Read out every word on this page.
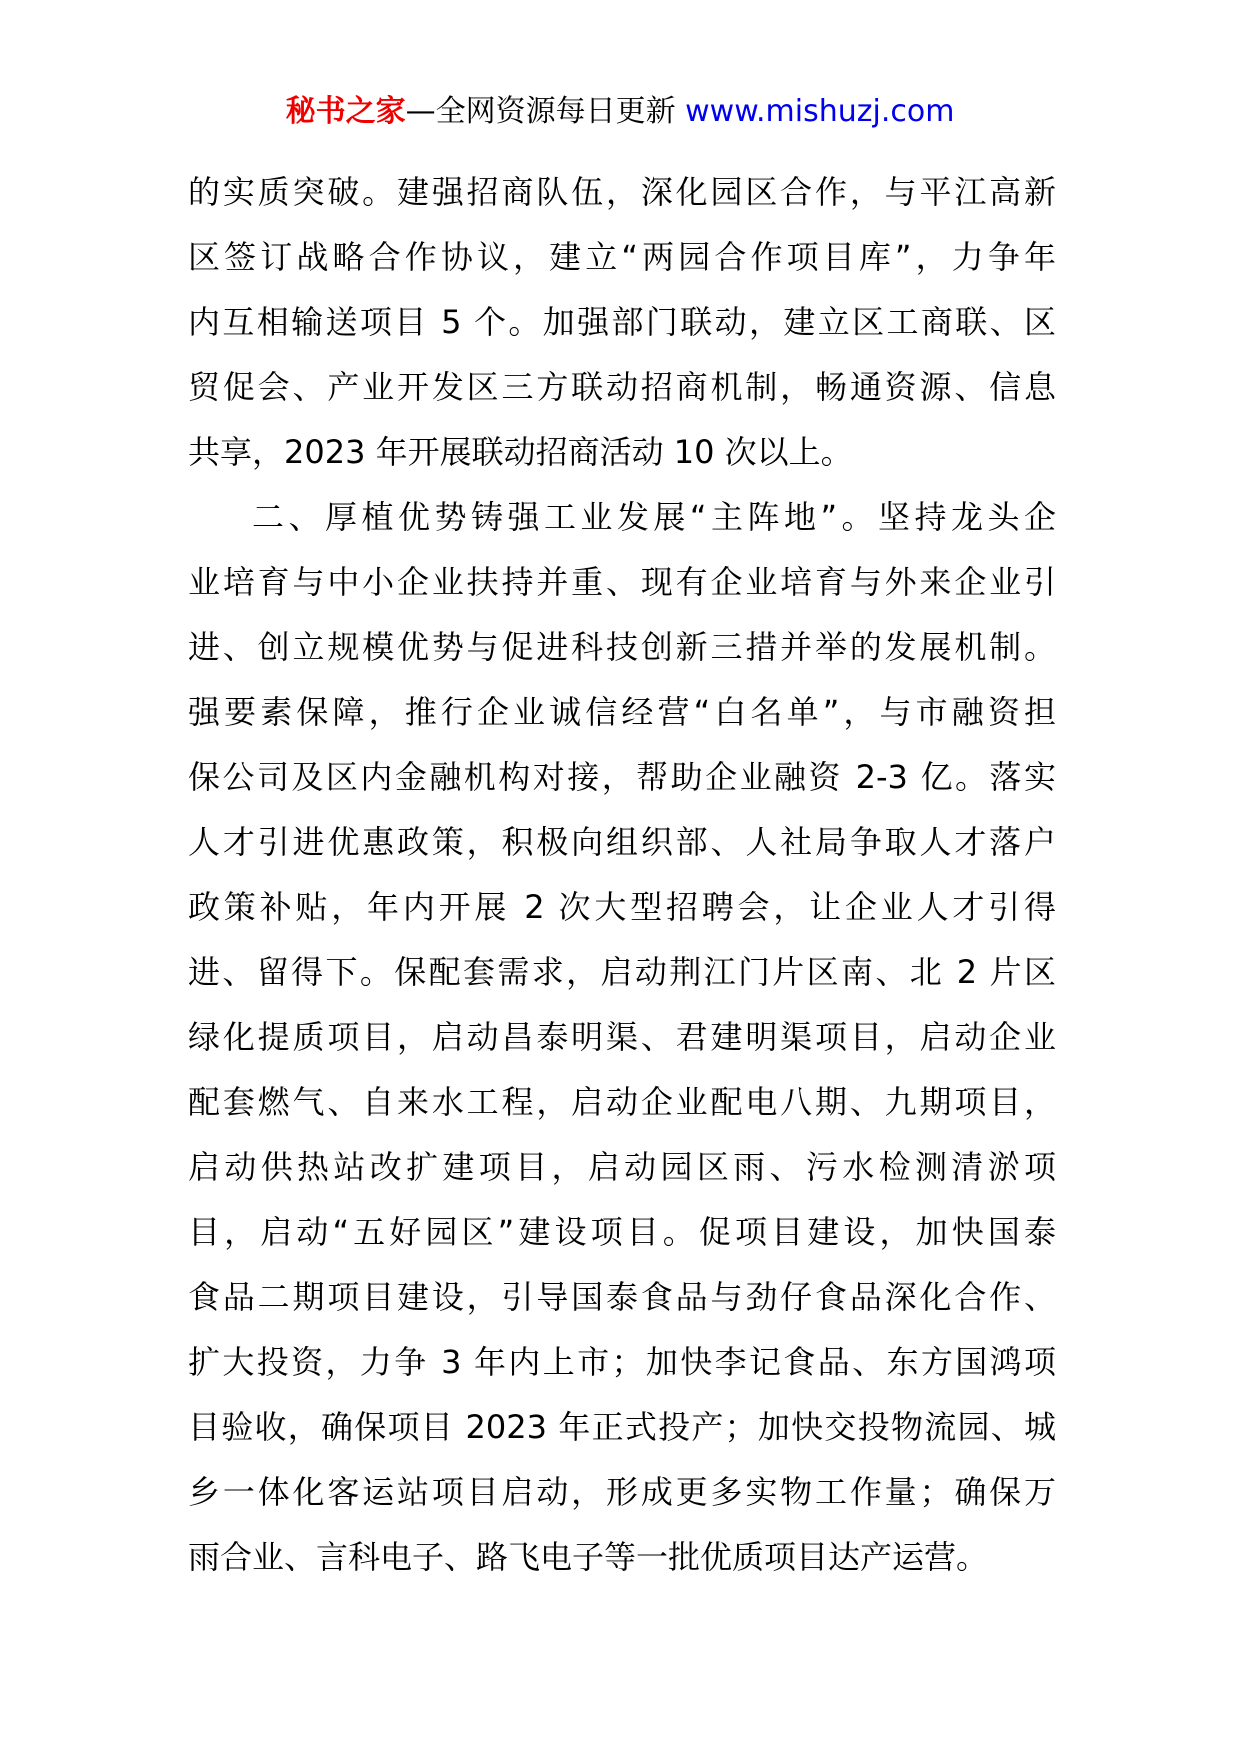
秘书之家—全网资源每日更新 www.mishuzj.com
的实质突破。建强招商队伍，深化园区合作，与平江高新
区签订战略合作协议，建立“两园合作项目库”，力争年
内互相输送项目 5 个。加强部门联动，建立区工商联、区
贸促会、产业开发区三方联动招商机制，畅通资源、信息
共享，2023 年开展联动招商活动 10 次以上。
二、厚植优势铸强工业发展“主阵地”。坚持龙头企
业培育与中小企业扶持并重、现有企业培育与外来企业引
进、创立规模优势与促进科技创新三措并举的发展机制。
强要素保障，推行企业诚信经营“白名单”，与市融资担
保公司及区内金融机构对接，帮助企业融资 2-3 亿。落实
人才引进优惠政策，积极向组织部、人社局争取人才落户
政策补贴，年内开展 2 次大型招聘会，让企业人才引得
进、留得下。保配套需求，启动荆江门片区南、北 2 片区
绿化提质项目，启动昌泰明渠、君建明渠项目，启动企业
配套燃气、自来水工程，启动企业配电八期、九期项目，
启动供热站改扩建项目，启动园区雨、污水检测清淤项
目，启动“五好园区”建设项目。促项目建设，加快国泰
食品二期项目建设，引导国泰食品与劲仔食品深化合作、
扩大投资，力争 3 年内上市；加快李记食品、东方国鸿项
目验收，确保项目 2023 年正式投产；加快交投物流园、城
乡一体化客运站项目启动，形成更多实物工作量；确保万
雨合业、言科电子、路飞电子等一批优质项目达产运营。
